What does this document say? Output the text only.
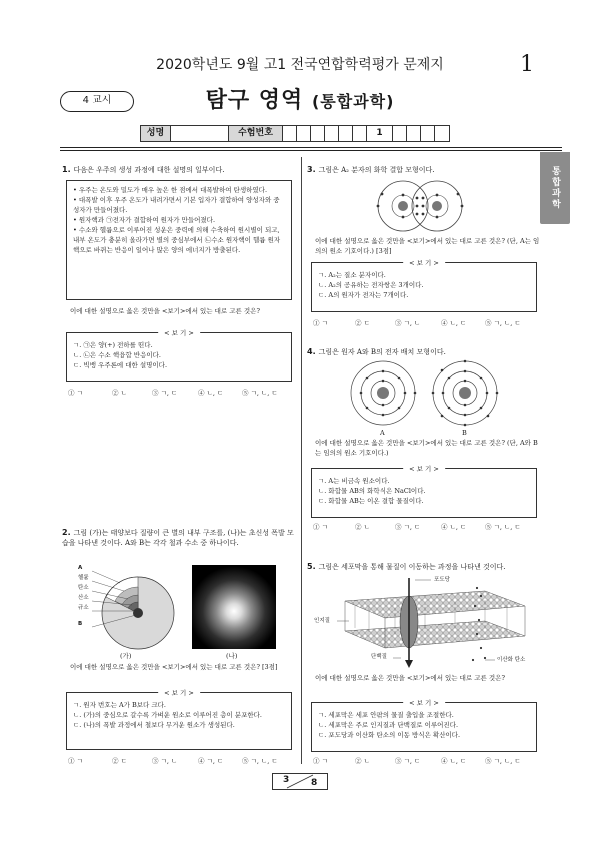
2020학년도 9월 고1 전국연합학력평가 문제지	1
4 교시	탐구 영역 (통합과학)
성명	수험번호	1
통합과학
1. 다음은 우주의 생성 과정에 대한 설명의 일부이다.
• 우주는 온도와 밀도가 매우 높은 한 점에서 대폭발하여 탄생하였다.
• 대폭발 이후 우주 온도가 내려가면서 기본 입자가 결합하여 양성자와 중성자가 만들어졌다.
• 원자핵과 ㉠전자가 결합하여 원자가 만들어졌다.
• 수소와 헬륨으로 이루어진 성운은 중력에 의해 수축하여 원시별이 되고, 내부 온도가 충분히 올라가면 별의 중심부에서 ㉡수소 원자핵이 헬륨 원자핵으로 바뀌는 반응이 일어나 많은 양의 에너지가 방출된다.
이에 대한 설명으로 옳은 것만을 <보기>에서 있는 대로 고른 것은?
< 보 기 >
ㄱ. ㉠은 양(+) 전하를 띤다.
ㄴ. ㉡은 수소 핵융합 반응이다.
ㄷ. 빅뱅 우주론에 대한 설명이다.
① ㄱ	② ㄴ	③ ㄱ, ㄷ	④ ㄴ, ㄷ	⑤ ㄱ, ㄴ, ㄷ
2. 그림 (가)는 태양보다 질량이 큰 별의 내부 구조를, (나)는 초신성 폭발 모습을 나타낸 것이다. A와 B는 각각 철과 수소 중 하나이다.
A
헬륨
탄소
산소
규소
B
(가)	(나)
이에 대한 설명으로 옳은 것만을 <보기>에서 있는 대로 고른 것은? [3점]
< 보 기 >
ㄱ. 원자 번호는 A가 B보다 크다.
ㄴ. (가)의 중심으로 갈수록 가벼운 원소로 이루어진 층이 분포한다.
ㄷ. (나)의 폭발 과정에서 철보다 무거운 원소가 생성된다.
① ㄱ	② ㄷ	③ ㄱ, ㄴ	④ ㄱ, ㄷ	⑤ ㄱ, ㄴ, ㄷ
3. 그림은 A₂ 분자의 화학 결합 모형이다.
이에 대한 설명으로 옳은 것만을 <보기>에서 있는 대로 고른 것은? (단, A는 임의의 원소 기호이다.) [3점]
< 보 기 >
ㄱ. A₂는 질소 분자이다.
ㄴ. A₂의 공유하는 전자쌍은 3개이다.
ㄷ. A의 원자가 전자는 7개이다.
① ㄱ	② ㄷ	③ ㄱ, ㄴ	④ ㄴ, ㄷ	⑤ ㄱ, ㄴ, ㄷ
4. 그림은 원자 A와 B의 전자 배치 모형이다.
A	B
이에 대한 설명으로 옳은 것만을 <보기>에서 있는 대로 고른 것은? (단, A와 B는 임의의 원소 기호이다.)
< 보 기 >
ㄱ. A는 비금속 원소이다.
ㄴ. 화합물 AB의 화학식은 NaCl이다.
ㄷ. 화합물 AB는 이온 결합 물질이다.
① ㄱ	② ㄴ	③ ㄱ, ㄷ	④ ㄴ, ㄷ	⑤ ㄱ, ㄴ, ㄷ
5. 그림은 세포막을 통해 물질이 이동하는 과정을 나타낸 것이다.
포도당
인지질
단백질	이산화 탄소
이에 대한 설명으로 옳은 것만을 <보기>에서 있는 대로 고른 것은?
< 보 기 >
ㄱ. 세포막은 세포 안팎의 물질 출입을 조절한다.
ㄴ. 세포막은 주로 인지질과 단백질로 이루어진다.
ㄷ. 포도당과 이산화 탄소의 이동 방식은 확산이다.
① ㄱ	② ㄴ	③ ㄱ, ㄷ	④ ㄴ, ㄷ	⑤ ㄱ, ㄴ, ㄷ
3 8
